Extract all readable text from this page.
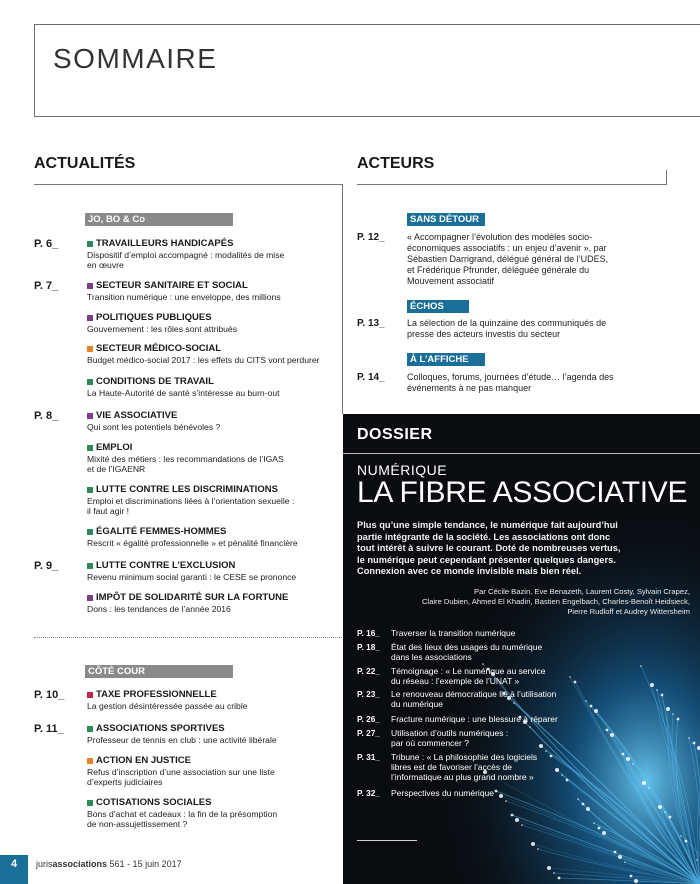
SOMMAIRE
ACTUALITÉS	ACTEURS
JO, BO & Co
P. 6_
P. 7_
P. 8_
P. 9_
TRAVAILLEURS HANDICAPÉS
Dispositif d’emploi accompagné : modalités de mise
en œuvre
SECTEUR SANITAIRE ET SOCIAL
Transition numérique : une enveloppe, des millions
POLITIQUES PUBLIQUES
Gouvernement : les rôles sont attribués
SECTEUR MÉDICO-SOCIAL
Budget médico-social 2017 : les effets du CITS vont perdurer
CONDITIONS DE TRAVAIL
La Haute-Autorité de santé s’intéresse au burn-out
VIE ASSOCIATIVE
Qui sont les potentiels bénévoles ?
EMPLOI
Mixité des métiers : les recommandations de l’IGAS
et de l’IGAENR
LUTTE CONTRE LES DISCRIMINATIONS
Emploi et discriminations liées à l’orientation sexuelle :
il faut agir !
ÉGALITÉ FEMMES-HOMMES
Rescrit « égalité professionnelle » et pénalité financière
LUTTE CONTRE L’EXCLUSION
Revenu minimum social garanti : le CESE se prononce
IMPÔT DE SOLIDARITÉ SUR LA FORTUNE
Dons : les tendances de l’année 2016
CÔTÉ COUR
P. 10_
P. 11_
TAXE PROFESSIONNELLE
La gestion désintéressée passée au crible
ASSOCIATIONS SPORTIVES
Professeur de tennis en club : une activité libérale
ACTION EN JUSTICE
Refus d’inscription d’une association sur une liste
d’experts judiciaires
COTISATIONS SOCIALES
Bons d’achat et cadeaux : la fin de la présomption
de non-assujettissement ?
SANS DÉTOUR
P. 12_ « Accompagner l’évolution des modèles socio-
économiques associatifs : un enjeu d’avenir », par
Sébastien Darrigrand, délégué général de l’UDES,
et Frédérique Pfrunder, déléguée générale du
Mouvement associatif
ÉCHOS
P. 13_ La sélection de la quinzaine des communiqués de
presse des acteurs investis du secteur
À L’AFFICHE
P. 14_ Colloques, forums, journées d’étude… l’agenda des
événements à ne pas manquer
DOSSIER
NUMÉRIQUE
LA FIBRE ASSOCIATIVE
Plus qu’une simple tendance, le numérique fait aujourd’hui
partie intégrante de la société. Les associations ont donc
tout intérêt à suivre le courant. Doté de nombreuses vertus,
le numérique peut cependant présenter quelques dangers.
Connexion avec ce monde invisible mais bien réel.
Par Cécile Bazin, Eve Benazeth, Laurent Costy, Sylvain Crapez,
Claire Dubien, Ahmed El Khadiri, Bastien Engelbach, Charles-Benoît Heidsieck,
Pierre Rudloff et Audrey Wittersheim
P. 16_ Traverser la transition numérique
P. 18_ État des lieux des usages du numérique
dans les associations
P. 22_ Témoignage : « Le numérique au service
du réseau : l’exemple de l’UNAT »
P. 23_ Le renouveau démocratique lié à l’utilisation
du numérique
P. 26_ Fracture numérique : une blessure à réparer
P. 27_ Utilisation d’outils numériques :
par où commencer ?
P. 31_ Tribune : « La philosophie des logiciels
libres est de favoriser l’accès de
l’informatique au plus grand nombre »
P. 32_ Perspectives du numérique
4	jurisassociations 561 - 15 juin 2017
